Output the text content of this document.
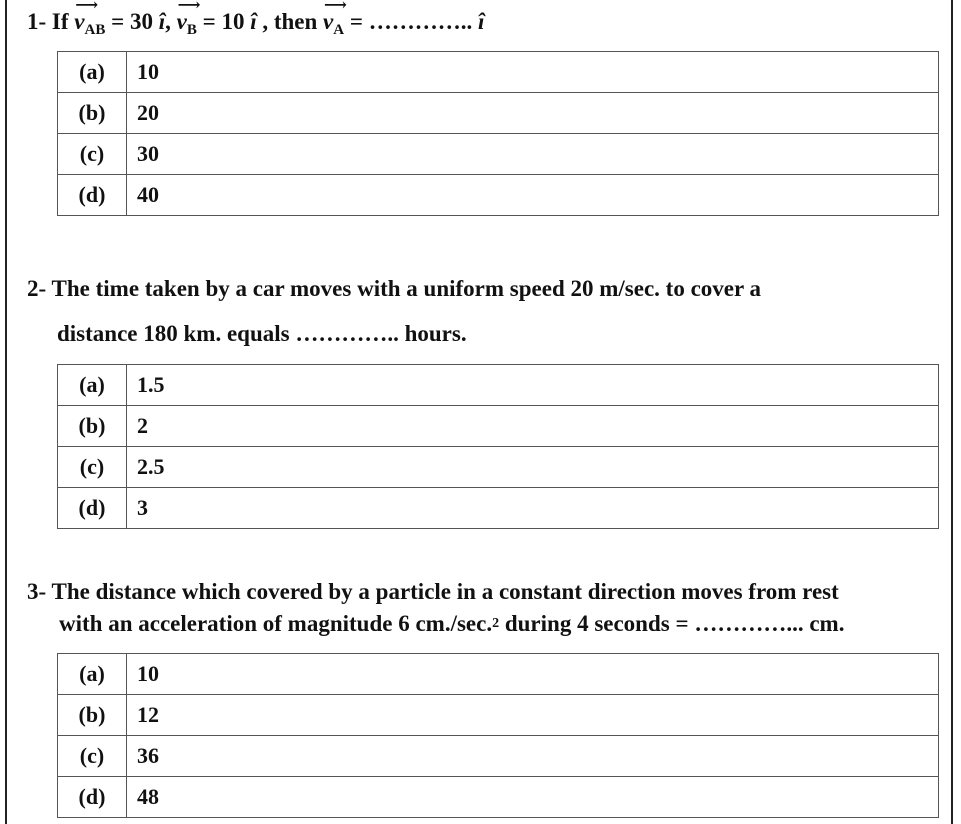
1- If
⟶
$v_{AB} = 30$ î,
⟶
$v_B = 10$ î , then
⟶
$v_A$ = ………….. î
(a)	10
(b)	20
(c)	30
(d)	40
2- The time taken by a car moves with a uniform speed 20 m/sec. to cover a
distance 180 km. equals ………….. hours.
(a)	1.5
(b)	2
(c)	2.5
(d)	3
3- The distance which covered by a particle in a constant direction moves from rest
with an acceleration of magnitude 6 cm./sec.$^2$ during 4 seconds = …………... cm.
(a)	10
(b)	12
(c)	36
(d)	48
